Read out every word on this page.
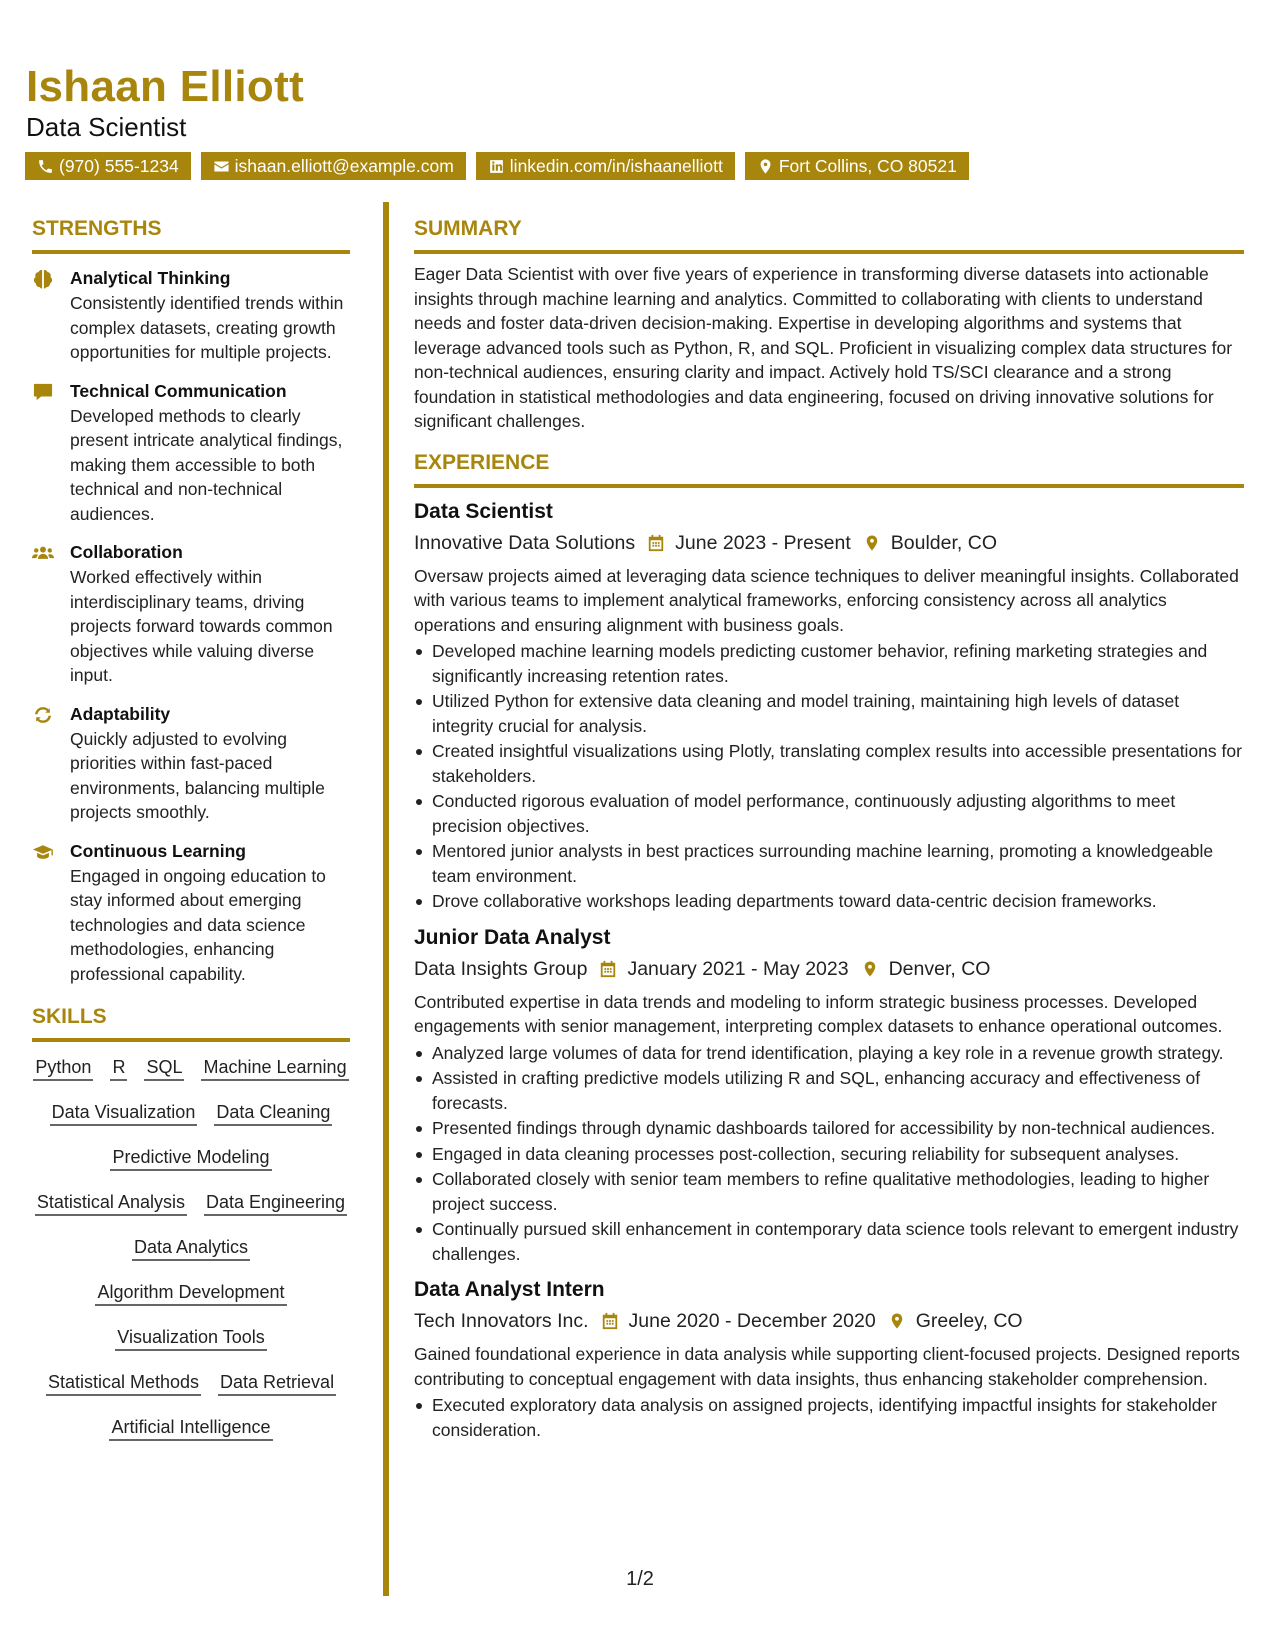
Ishaan Elliott
Data Scientist
(970) 555-1234	ishaan.elliott@example.com	linkedin.com/in/ishaanelliott	Fort Collins, CO 80521
STRENGTHS
Analytical Thinking
Consistently identified trends within complex datasets, creating growth opportunities for multiple projects.
Technical Communication
Developed methods to clearly present intricate analytical findings, making them accessible to both technical and non-technical audiences.
Collaboration
Worked effectively within interdisciplinary teams, driving projects forward towards common objectives while valuing diverse input.
Adaptability
Quickly adjusted to evolving priorities within fast-paced environments, balancing multiple projects smoothly.
Continuous Learning
Engaged in ongoing education to stay informed about emerging technologies and data science methodologies, enhancing professional capability.
SKILLS
Python R SQL Machine Learning
Data Visualization Data Cleaning
Predictive Modeling
Statistical Analysis Data Engineering
Data Analytics
Algorithm Development
Visualization Tools
Statistical Methods Data Retrieval
Artificial Intelligence
SUMMARY
Eager Data Scientist with over five years of experience in transforming diverse datasets into actionable insights through machine learning and analytics. Committed to collaborating with clients to understand needs and foster data-driven decision-making. Expertise in developing algorithms and systems that leverage advanced tools such as Python, R, and SQL. Proficient in visualizing complex data structures for non-technical audiences, ensuring clarity and impact. Actively hold TS/SCI clearance and a strong foundation in statistical methodologies and data engineering, focused on driving innovative solutions for significant challenges.
EXPERIENCE
Data Scientist
Innovative Data Solutions June 2023 - Present Boulder, CO
Oversaw projects aimed at leveraging data science techniques to deliver meaningful insights. Collaborated with various teams to implement analytical frameworks, enforcing consistency across all analytics operations and ensuring alignment with business goals.
Developed machine learning models predicting customer behavior, refining marketing strategies and significantly increasing retention rates.
Utilized Python for extensive data cleaning and model training, maintaining high levels of dataset integrity crucial for analysis.
Created insightful visualizations using Plotly, translating complex results into accessible presentations for stakeholders.
Conducted rigorous evaluation of model performance, continuously adjusting algorithms to meet precision objectives.
Mentored junior analysts in best practices surrounding machine learning, promoting a knowledgeable team environment.
Drove collaborative workshops leading departments toward data-centric decision frameworks.
Junior Data Analyst
Data Insights Group January 2021 - May 2023 Denver, CO
Contributed expertise in data trends and modeling to inform strategic business processes. Developed engagements with senior management, interpreting complex datasets to enhance operational outcomes.
Analyzed large volumes of data for trend identification, playing a key role in a revenue growth strategy.
Assisted in crafting predictive models utilizing R and SQL, enhancing accuracy and effectiveness of forecasts.
Presented findings through dynamic dashboards tailored for accessibility by non-technical audiences.
Engaged in data cleaning processes post-collection, securing reliability for subsequent analyses.
Collaborated closely with senior team members to refine qualitative methodologies, leading to higher project success.
Continually pursued skill enhancement in contemporary data science tools relevant to emergent industry challenges.
Data Analyst Intern
Tech Innovators Inc. June 2020 - December 2020 Greeley, CO
Gained foundational experience in data analysis while supporting client-focused projects. Designed reports contributing to conceptual engagement with data insights, thus enhancing stakeholder comprehension.
Executed exploratory data analysis on assigned projects, identifying impactful insights for stakeholder consideration.
1/2
